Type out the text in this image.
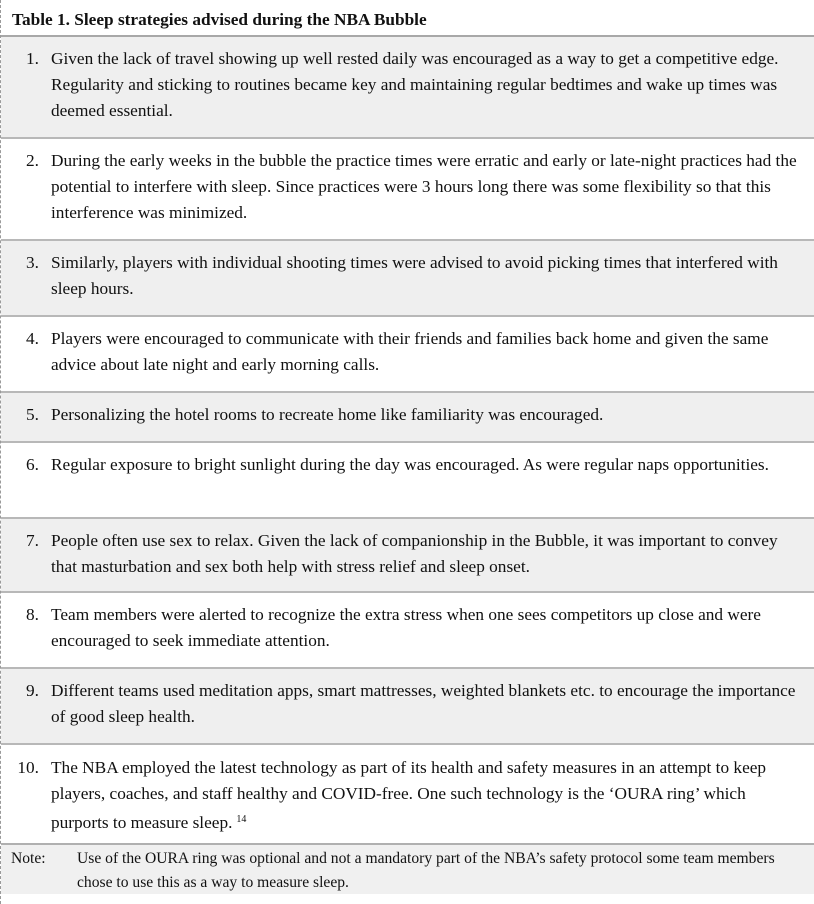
Table 1. Sleep strategies advised during the NBA Bubble
1. Given the lack of travel showing up well rested daily was encouraged as a way to get a competitive edge. Regularity and sticking to routines became key and maintaining regular bedtimes and wake up times was deemed essential.
2. During the early weeks in the bubble the practice times were erratic and early or late-night practices had the potential to interfere with sleep. Since practices were 3 hours long there was some flexibility so that this interference was minimized.
3. Similarly, players with individual shooting times were advised to avoid picking times that interfered with sleep hours.
4. Players were encouraged to communicate with their friends and families back home and given the same advice about late night and early morning calls.
5. Personalizing the hotel rooms to recreate home like familiarity was encouraged.
6. Regular exposure to bright sunlight during the day was encouraged. As were regular naps opportunities.
7. People often use sex to relax. Given the lack of companionship in the Bubble, it was important to convey that masturbation and sex both help with stress relief and sleep onset.
8. Team members were alerted to recognize the extra stress when one sees competitors up close and were encouraged to seek immediate attention.
9. Different teams used meditation apps, smart mattresses, weighted blankets etc. to encourage the importance of good sleep health.
10. The NBA employed the latest technology as part of its health and safety measures in an attempt to keep players, coaches, and staff healthy and COVID-free. One such technology is the ‘OURA ring’ which purports to measure sleep. $^{14}$
Note:	Use of the OURA ring was optional and not a mandatory part of the NBA’s safety protocol some team members chose to use this as a way to measure sleep.
